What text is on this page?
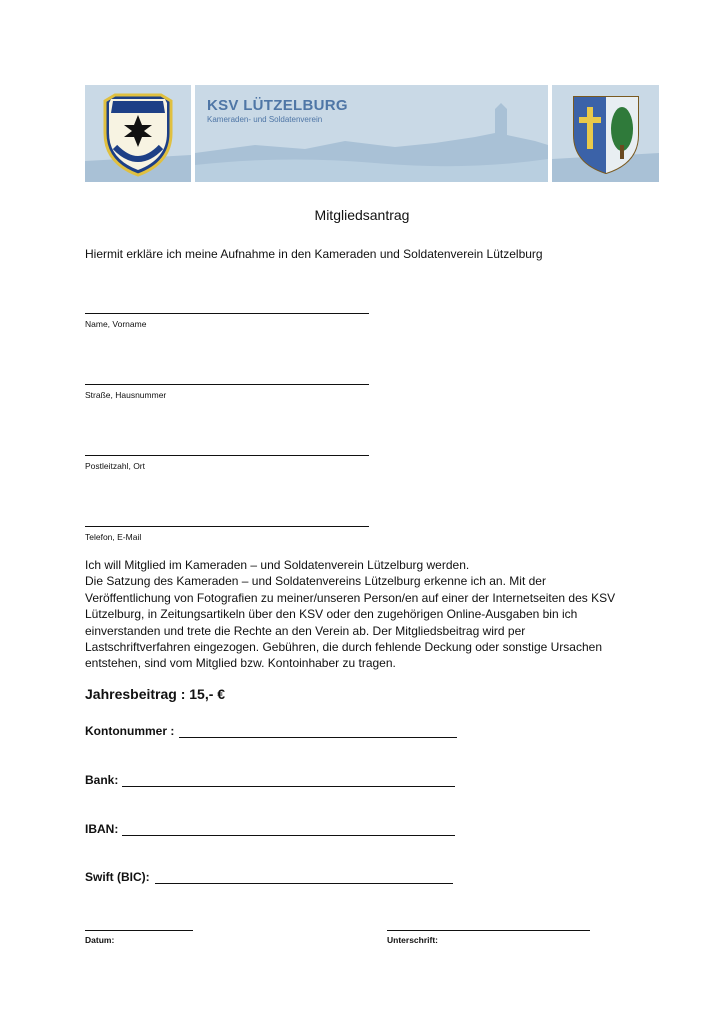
KSV LÜTZELBURG
Kameraden- und Soldatenverein
Mitgliedsantrag
Hiermit erkläre ich meine Aufnahme in den Kameraden und Soldatenverein Lützelburg
Name, Vorname
Straße, Hausnummer
Postleitzahl, Ort
Telefon, E-Mail
Ich will Mitglied im Kameraden – und Soldatenverein Lützelburg werden.
Die Satzung des Kameraden – und Soldatenvereins Lützelburg erkenne ich an. Mit der
Veröffentlichung von Fotografien zu meiner/unseren Person/en auf einer der Internetseiten des KSV
Lützelburg, in Zeitungsartikeln über den KSV oder den zugehörigen Online-Ausgaben bin ich
einverstanden und trete die Rechte an den Verein ab. Der Mitgliedsbeitrag wird per
Lastschriftverfahren eingezogen. Gebühren, die durch fehlende Deckung oder sonstige Ursachen
entstehen, sind vom Mitglied bzw. Kontoinhaber zu tragen.
Jahresbeitrag : 15,- €
Kontonummer :
Bank:
IBAN:
Swift (BIC):
Datum:	Unterschrift:
